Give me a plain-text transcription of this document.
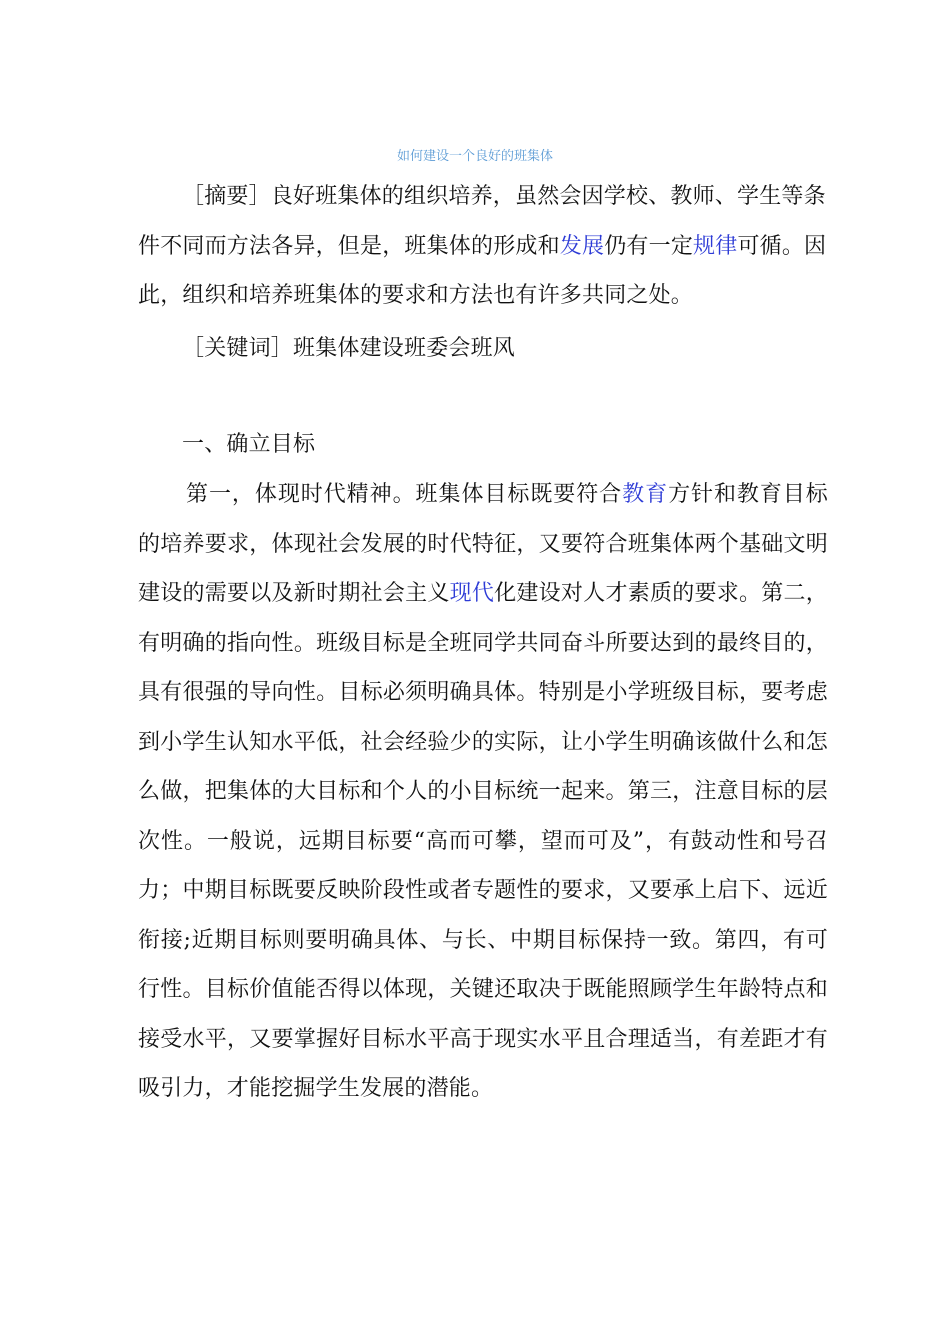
如何建设一个良好的班集体

［摘要］良好班集体的组织培养，虽然会因学校、教师、学生等条件不同而方法各异，但是，班集体的形成和发展仍有一定规律可循。因此，组织和培养班集体的要求和方法也有许多共同之处。

［关键词］班集体建设班委会班风

一、确立目标

第一，体现时代精神。班集体目标既要符合教育方针和教育目标的培养要求，体现社会发展的时代特征，又要符合班集体两个基础文明建设的需要以及新时期社会主义现代化建设对人才素质的要求。第二，有明确的指向性。班级目标是全班同学共同奋斗所要达到的最终目的，具有很强的导向性。目标必须明确具体。特别是小学班级目标，要考虑到小学生认知水平低，社会经验少的实际，让小学生明确该做什么和怎么做，把集体的大目标和个人的小目标统一起来。第三，注意目标的层次性。一般说，远期目标要“高而可攀，望而可及”，有鼓动性和号召力；中期目标既要反映阶段性或者专题性的要求，又要承上启下、远近衔接;近期目标则要明确具体、与长、中期目标保持一致。第四，有可行性。目标价值能否得以体现，关键还取决于既能照顾学生年龄特点和接受水平，又要掌握好目标水平高于现实水平且合理适当，有差距才有吸引力，才能挖掘学生发展的潜能。
